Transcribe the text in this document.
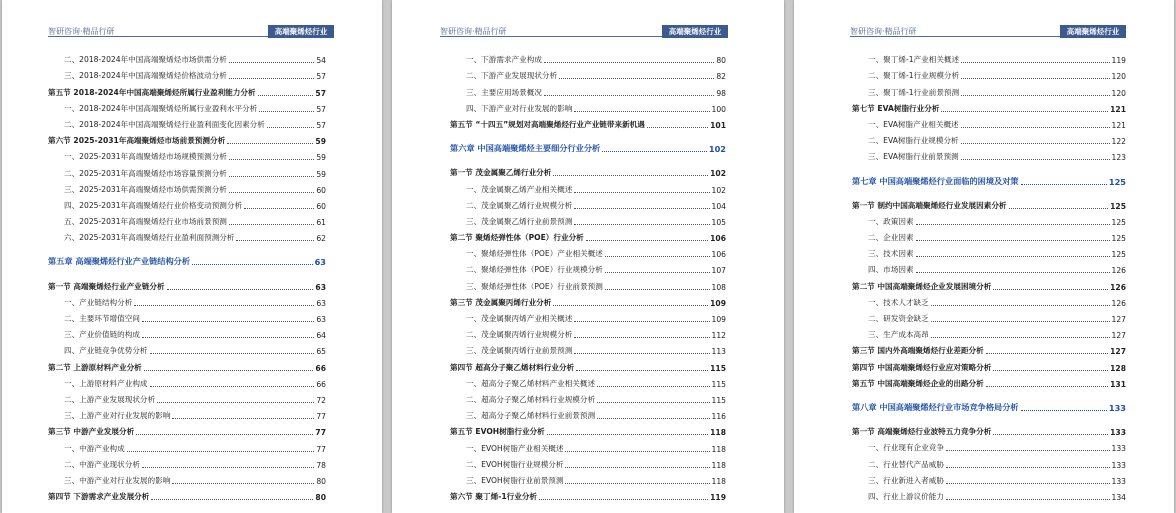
智研咨询·精品行研	高端聚烯烃行业
二、2018-2024年中国高端聚烯烃市场供需分析	54
三、2018-2024年中国高端聚烯烃价格波动分析	57
第五节 2018-2024年中国高端聚烯烃所属行业盈利能力分析	57
一、2018-2024年中国高端聚烯烃所属行业盈利水平分析	57
二、2018-2024年中国高端聚烯烃行业盈利面变化因素分析	57
第六节 2025-2031年高端聚烯烃市场前景预测分析	59
一、2025-2031年高端聚烯烃市场规模预测分析	59
二、2025-2031年高端聚烯烃市场容量预测分析	59
三、2025-2031年高端聚烯烃市场供需预测分析	60
四、2025-2031年高端聚烯烃行业价格变动预测分析	60
五、2025-2031年高端聚烯烃行业市场前景预测	61
六、2025-2031年高端聚烯烃行业盈利面预测分析	62
第五章 高端聚烯烃行业产业链结构分析	63
第一节 高端聚烯烃行业产业链分析	63
一、产业链结构分析	63
二、主要环节增值空间	63
三、产业价值链的构成	64
四、产业链竞争优势分析	65
第二节 上游原材料产业分析	66
一、上游原材料产业构成	66
二、上游产业发展现状分析	72
三、上游产业对行业发展的影响	77
第三节 中游产业发展分析	77
一、中游产业构成	77
二、中游产业现状分析	78
三、中游产业对行业发展的影响	80
第四节 下游需求产业发展分析	80
智研咨询·精品行研	高端聚烯烃行业
一、下游需求产业构成	80
二、下游产业发展现状分析	82
三、主要应用场景概况	98
四、下游产业对行业发展的影响	100
第五节 “十四五”规划对高端聚烯烃行业产业链带来新机遇	101
第六章 中国高端聚烯烃主要细分行业分析	102
第一节 茂金属聚乙烯行业分析	102
一、茂金属聚乙烯产业相关概述	102
二、茂金属聚乙烯行业规模分析	104
三、茂金属聚乙烯行业前景预测	105
第二节 聚烯烃弹性体（POE）行业分析	106
一、聚烯烃弹性体（POE）产业相关概述	106
二、聚烯烃弹性体（POE）行业规模分析	107
三、聚烯烃弹性体（POE）行业前景预测	108
第三节 茂金属聚丙烯行业分析	109
一、茂金属聚丙烯产业相关概述	109
二、茂金属聚丙烯行业规模分析	112
三、茂金属聚丙烯行业前景预测	113
第四节 超高分子聚乙烯材料行业分析	115
一、超高分子聚乙烯材料产业相关概述	115
二、超高分子聚乙烯材料行业规模分析	115
三、超高分子聚乙烯材料行业前景预测	116
第五节 EVOH树脂行业分析	118
一、EVOH树脂产业相关概述	118
二、EVOH树脂行业规模分析	118
三、EVOH树脂行业前景预测	118
第六节 聚丁烯-1行业分析	119
智研咨询·精品行研	高端聚烯烃行业
一、聚丁烯-1产业相关概述	119
二、聚丁烯-1行业规模分析	120
三、聚丁烯-1行业前景预测	120
第七节 EVA树脂行业分析	121
一、EVA树脂产业相关概述	121
二、EVA树脂行业规模分析	122
三、EVA树脂行业前景预测	123
第七章 中国高端聚烯烃行业面临的困境及对策	125
第一节 制约中国高端聚烯烃行业发展因素分析	125
一、政策因素	125
二、企业因素	125
三、技术因素	125
四、市场因素	126
第二节 中国高端聚烯烃企业发展困境分析	126
一、技术人才缺乏	126
二、研发资金缺乏	127
三、生产成本高昂	127
第三节 国内外高端聚烯烃行业差距分析	127
第四节 中国高端聚烯烃行业应对策略分析	128
第五节 中国高端聚烯烃企业的出路分析	131
第八章 中国高端聚烯烃行业市场竞争格局分析	133
第一节 高端聚烯烃行业波特五力竞争分析	133
一、行业现有企业竞争	133
二、行业替代产品威胁	133
三、行业新进入者威胁	133
四、行业上游议价能力	134
